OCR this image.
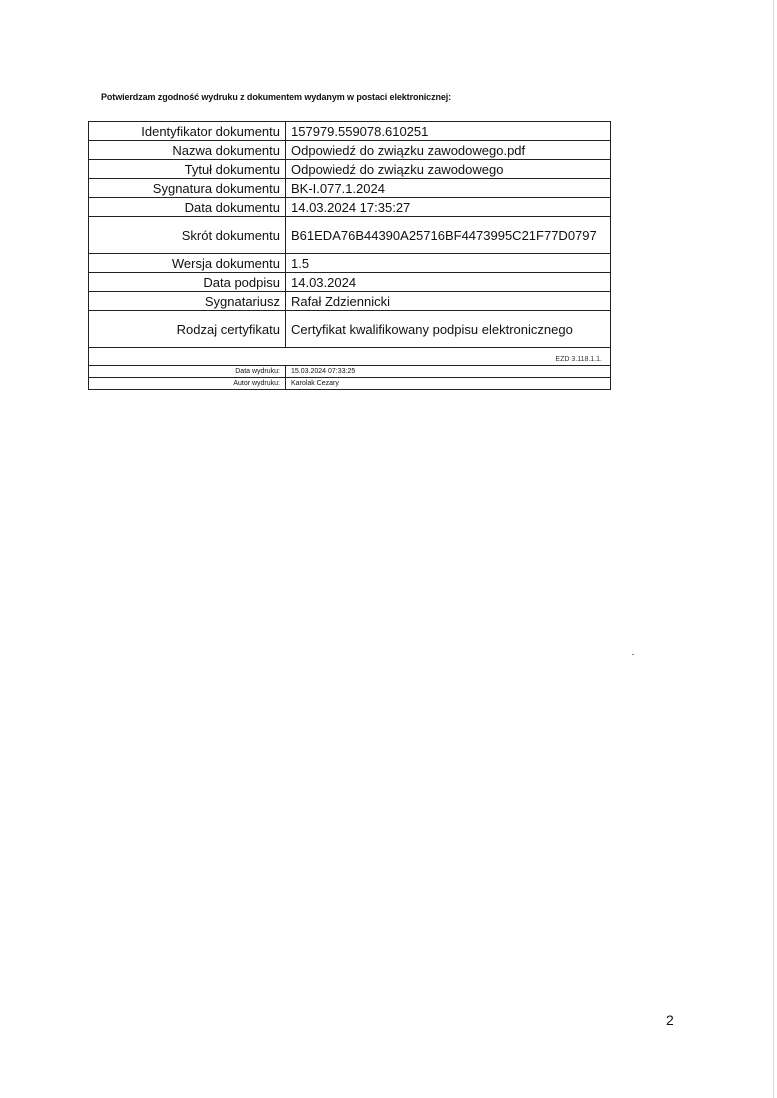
Potwierdzam zgodność wydruku z dokumentem wydanym w postaci elektronicznej:
Identyfikator dokumentu	157979.559078.610251
Nazwa dokumentu	Odpowiedź do związku zawodowego.pdf
Tytuł dokumentu	Odpowiedź do związku zawodowego
Sygnatura dokumentu	BK-I.077.1.2024
Data dokumentu	14.03.2024 17:35:27
Skrót dokumentu	B61EDA76B44390A25716BF4473995C21F77D0797
Wersja dokumentu	1.5
Data podpisu	14.03.2024
Sygnatariusz	Rafał Zdziennicki
Rodzaj certyfikatu	Certyfikat kwalifikowany podpisu elektronicznego
EZD 3.118.1.1.	
Data wydruku:	15.03.2024 07:33:25
Autor wydruku:	Karolak Cezary
2
